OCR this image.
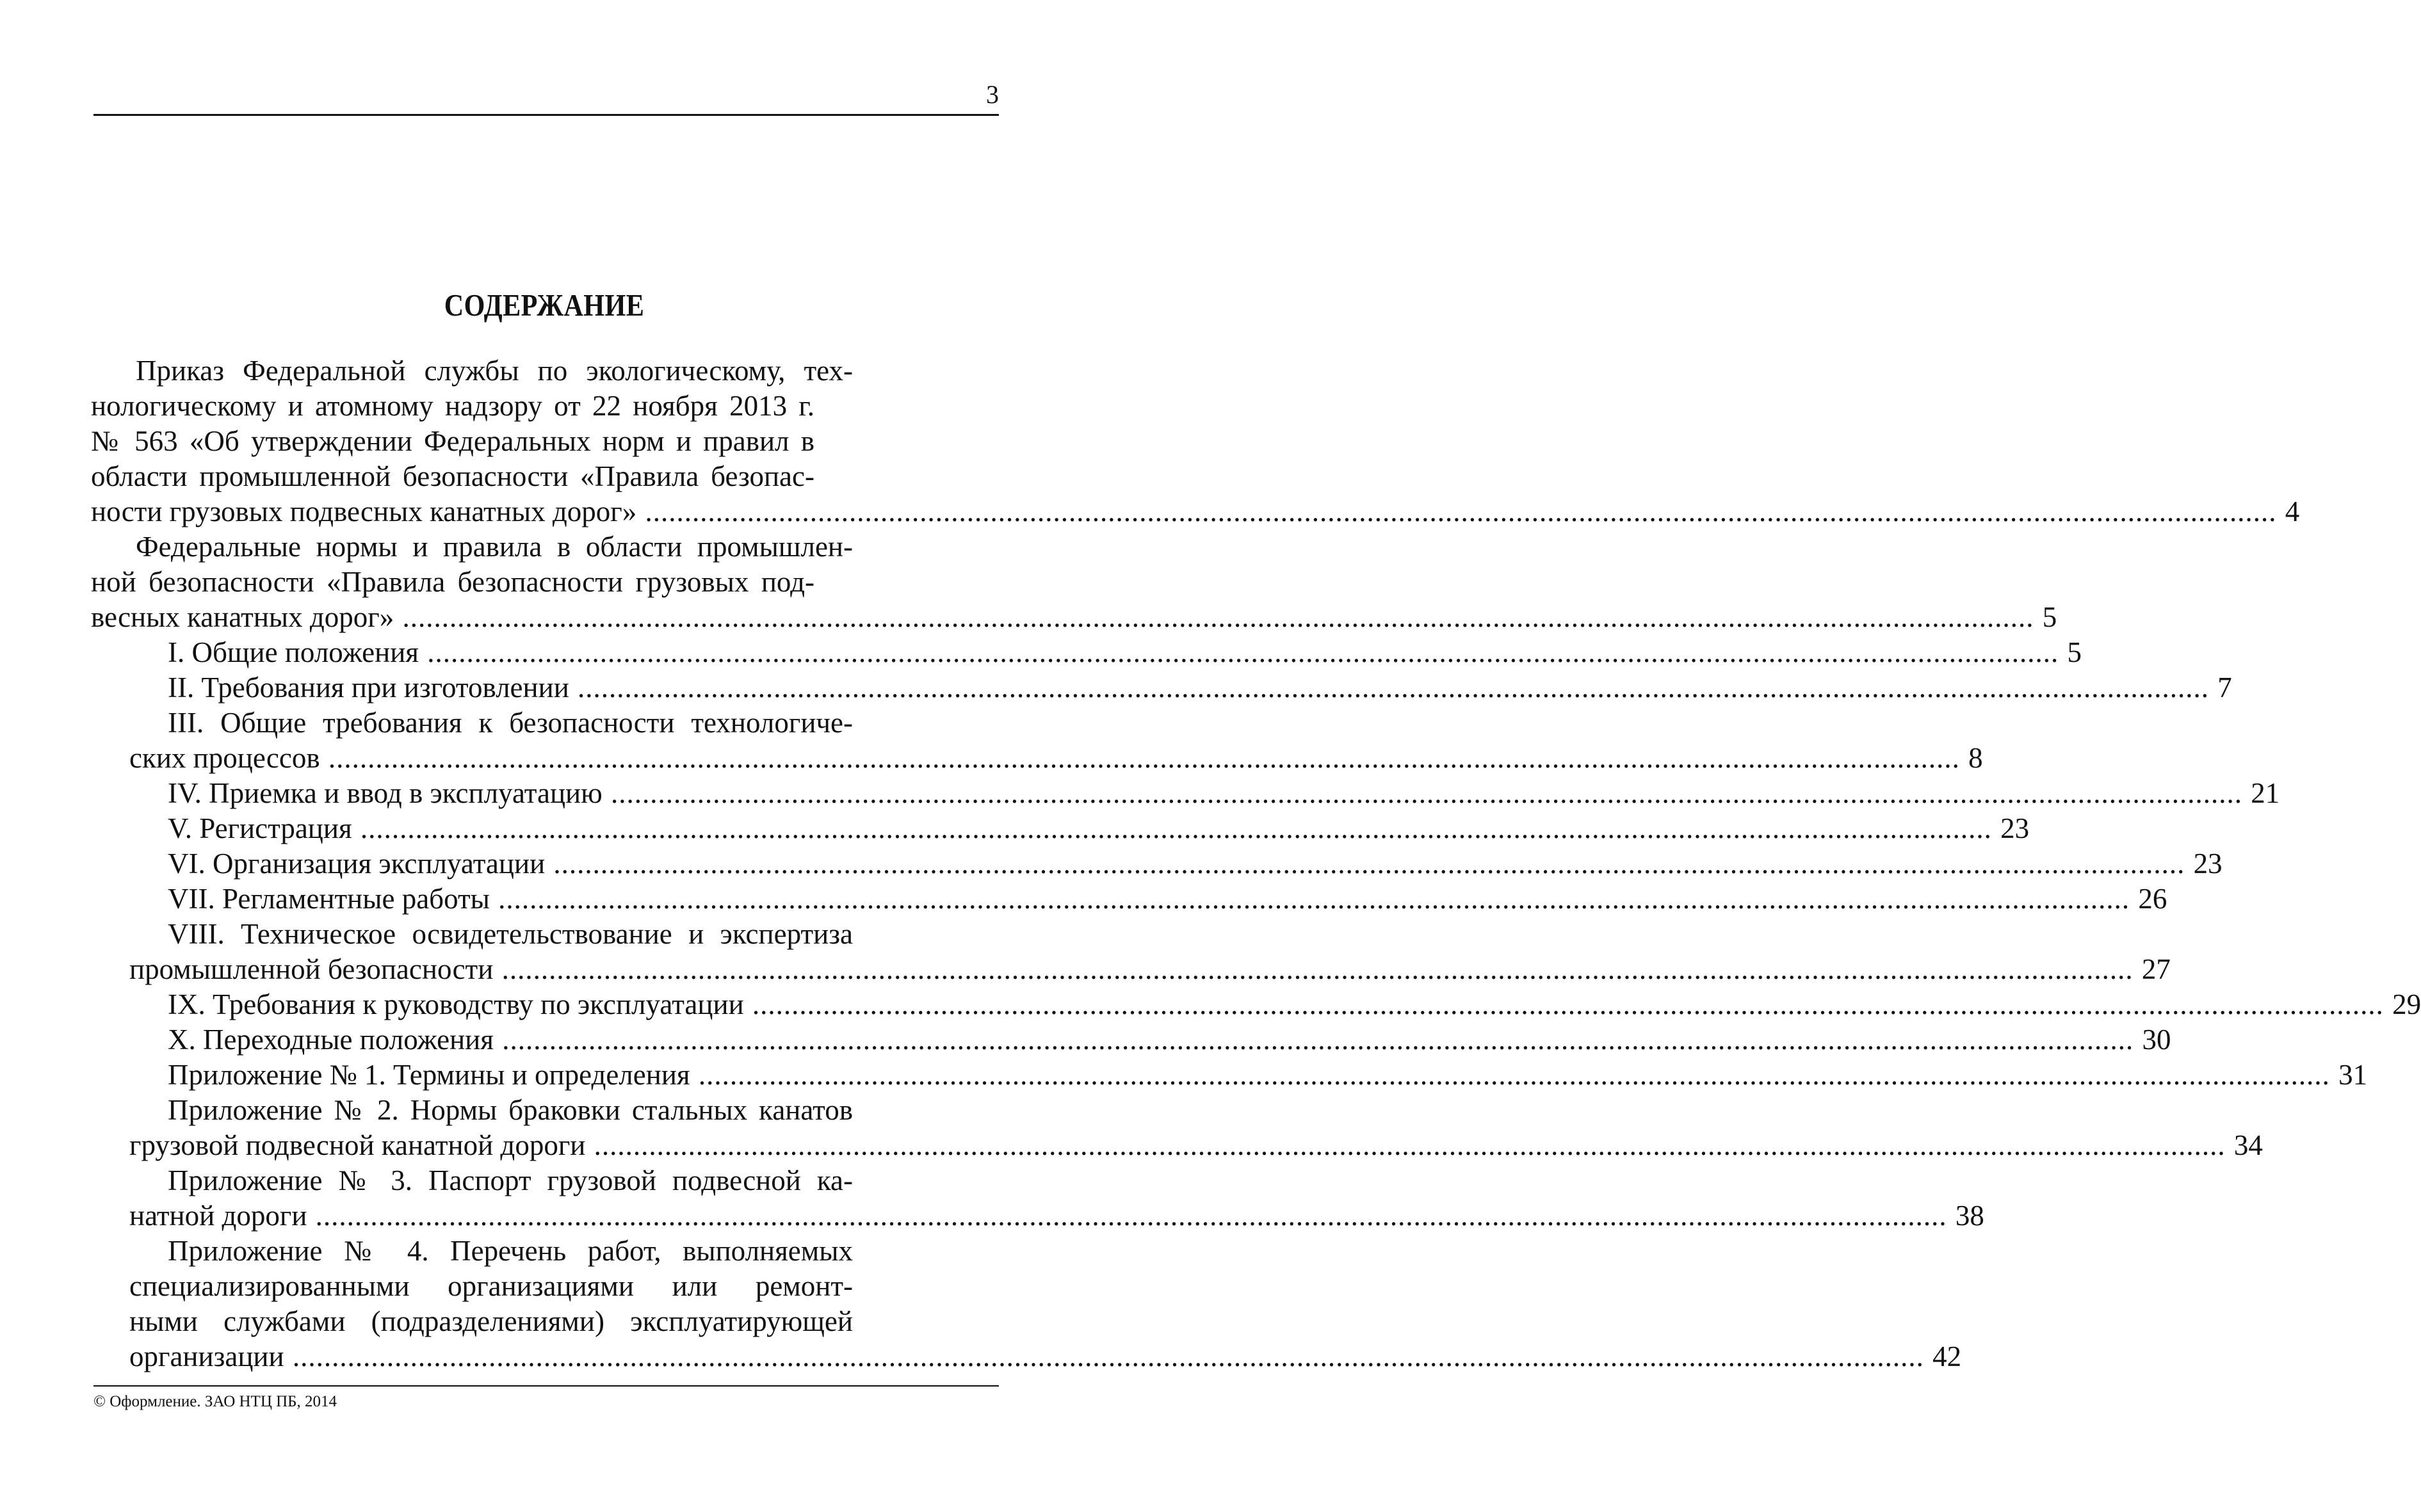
3
СОДЕРЖАНИЕ
Приказ Федеральной службы по экологическому, тех-
нологическому и атомному надзору от 22 ноября 2013 г.
№ 563 «Об утверждении Федеральных норм и правил в
области промышленной безопасности «Правила безопас-
ности грузовых подвесных канатных дорог» .....	4
Федеральные нормы и правила в области промышлен-
ной безопасности «Правила безопасности грузовых под-
весных канатных дорог» .....	5
I. Общие положения .....	5
II. Требования при изготовлении .....	7
III. Общие требования к безопасности технологиче-
ских процессов .....	8
IV. Приемка и ввод в эксплуатацию .....	21
V. Регистрация .....	23
VI. Организация эксплуатации .....	23
VII. Регламентные работы .....	26
VIII. Техническое освидетельствование и экспертиза
промышленной безопасности .....	27
IX. Требования к руководству по эксплуатации .....	29
X. Переходные положения .....	30
Приложение № 1. Термины и определения .....	31
Приложение № 2. Нормы браковки стальных канатов
грузовой подвесной канатной дороги .....	34
Приложение № 3. Паспорт грузовой подвесной ка-
натной дороги .....	38
Приложение № 4. Перечень работ, выполняемых
специализированными организациями или ремонт-
ными службами (подразделениями) эксплуатирующей
организации .....	42
© Оформление. ЗАО НТЦ ПБ, 2014
